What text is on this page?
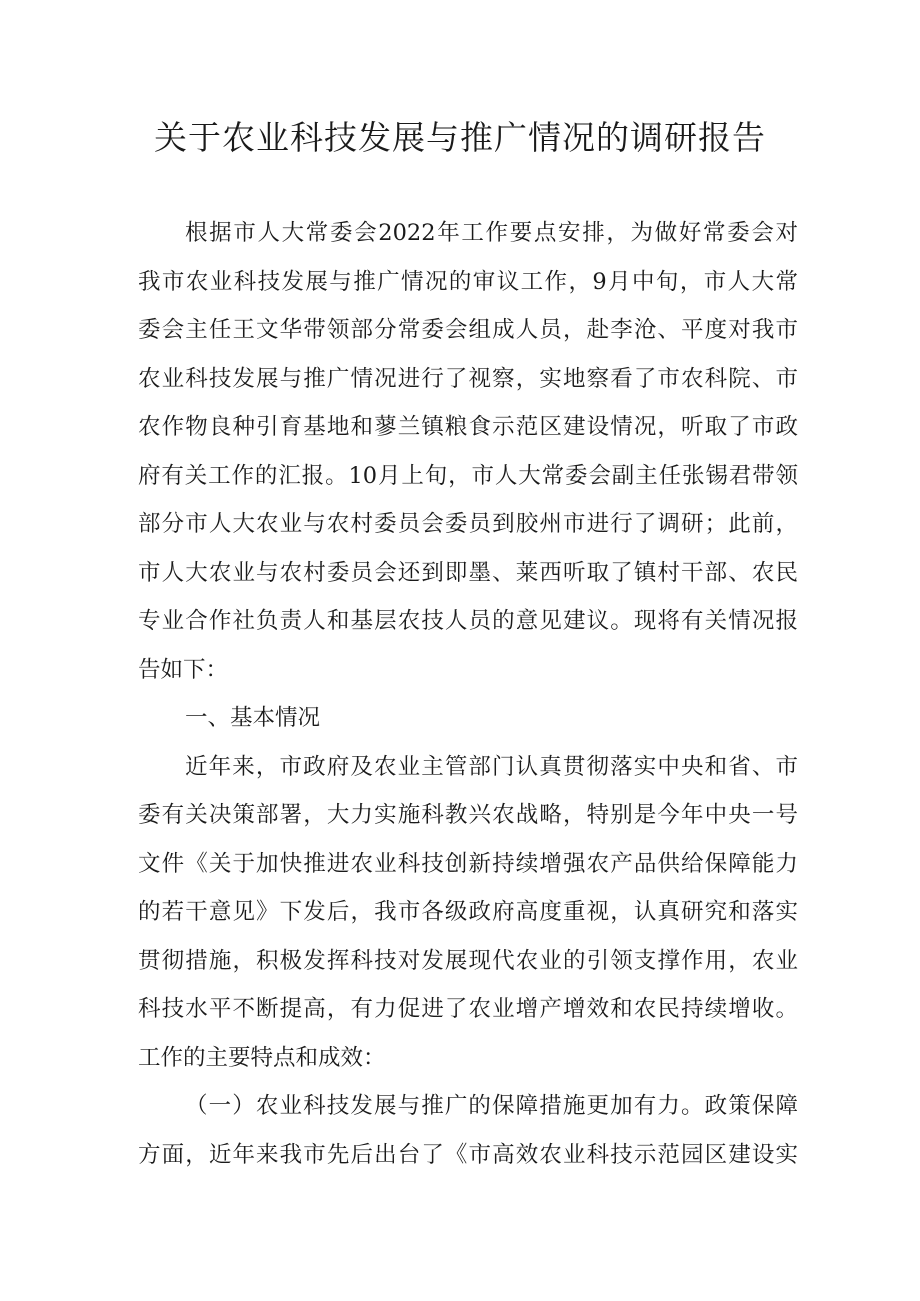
关于农业科技发展与推广情况的调研报告
根据市人大常委会2022年工作要点安排，为做好常委会对
我市农业科技发展与推广情况的审议工作，9月中旬，市人大常
委会主任王文华带领部分常委会组成人员，赴李沧、平度对我市
农业科技发展与推广情况进行了视察，实地察看了市农科院、市
农作物良种引育基地和蓼兰镇粮食示范区建设情况，听取了市政
府有关工作的汇报。10月上旬，市人大常委会副主任张锡君带领
部分市人大农业与农村委员会委员到胶州市进行了调研；此前，
市人大农业与农村委员会还到即墨、莱西听取了镇村干部、农民
专业合作社负责人和基层农技人员的意见建议。现将有关情况报
告如下：
一、基本情况
近年来，市政府及农业主管部门认真贯彻落实中央和省、市
委有关决策部署，大力实施科教兴农战略，特别是今年中央一号
文件《关于加快推进农业科技创新持续增强农产品供给保障能力
的若干意见》下发后，我市各级政府高度重视，认真研究和落实
贯彻措施，积极发挥科技对发展现代农业的引领支撑作用，农业
科技水平不断提高，有力促进了农业增产增效和农民持续增收。
工作的主要特点和成效：
（一）农业科技发展与推广的保障措施更加有力。政策保障
方面，近年来我市先后出台了《市高效农业科技示范园区建设实
